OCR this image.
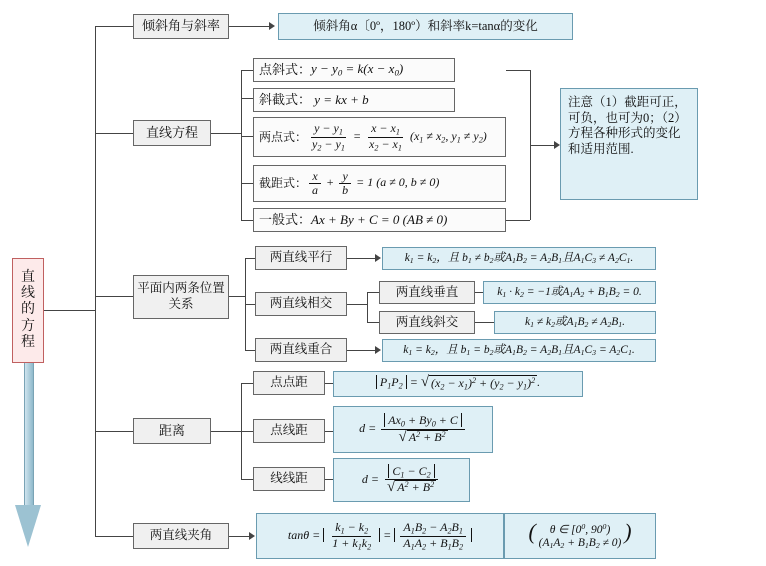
直
线
的
方
程
倾斜角与斜率	倾斜角α〔0º，180º）和斜率k=tanα的变化
直线方程
点斜式： $y - y_0 = k(x - x_0)$
斜截式： y = kx + b
两点式： $\frac{y - y_1}{y_2 - y_1} = \frac{x - x_1}{x_2 - x_1} (x_1 \ne x_2$, $y_1 \ne y_2$)
截距式： $\frac{x}{a} + \frac{y}{b} = 1$ (a ≠ 0, b ≠ 0)
一般式： Ax + By + C = 0 (AB ≠ 0)
注意（1）截距可正，可负，也可为0；（2）方程各种形式的变化和适用范围.
平面内两条位置关系
两直线平行
两直线相交
两直线重合
$k_1 = k_2$，且 $b_1 \ne b_2$或$A_1B_2 = A_2B_1$且$A_1C_3 \ne A_2C_1$.
两直线垂直
两直线斜交
$k_1 \cdot k_2 = -1$或$A_1A_2 + B_1B_2 = 0$.
$k_1 \ne k_2$或$A_1B_2 \ne A_2B_1$.
$k_1 = k_2$，且 $b_1 = b_2$或$A_1B_2 = A_2B_1$且$A_1C_3 = A_2C_1$.
距离
点点距
点线距
线线距
$P_1P_2$ = √ $(x_2 - x_1)^2 + (y_2 - y_1)^2$ .
$d = \frac{Ax_0 + By_0 + C}{√ A^2 + B^2}$
$d = \frac{C_1 - C_2}{√ A^2 + B^2}$
两直线夹角	$\tan\theta = \frac{k_1 - k_2}{1 + k_1k_2} = \frac{A_1B_2 - A_2B_1}{A_1A_2 + B_1B_2}$	( θ ∈ [$0^0$, $90^0$)
$(A_1A_2 + B_1B_2 \ne 0)$ )
